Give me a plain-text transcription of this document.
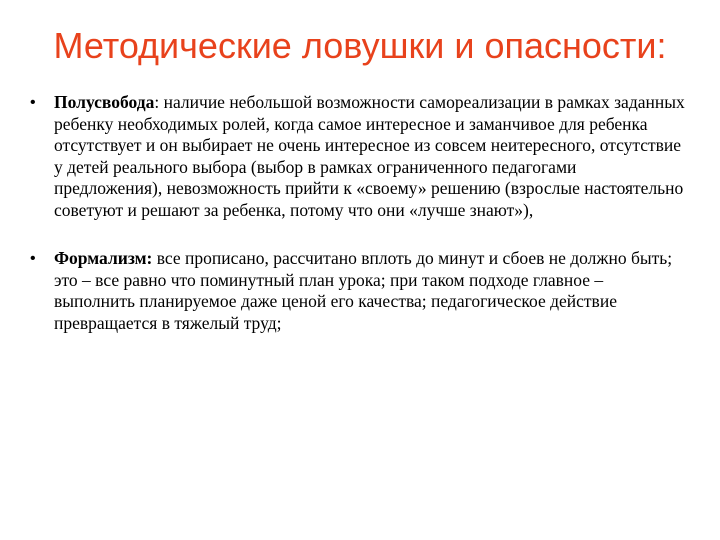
Методические ловушки и опасности:
• Полусвобода: наличие небольшой возможности самореализации в рамках заданных ребенку необходимых ролей, когда самое интересное и заманчивое для ребенка отсутствует и он выбирает не очень интересное из совсем неитересного, отсутствие у детей реального выбора (выбор в рамках ограниченного педагогами предложения), невозможность прийти к «своему» решению (взрослые настоятельно советуют и решают за ребенка, потому что они «лучше знают»),
• Формализм: все прописано, рассчитано вплоть до минут и сбоев не должно быть; это – все равно что поминутный план урока; при таком подходе главное – выполнить планируемое даже ценой его качества; педагогическое действие превращается в тяжелый труд;
